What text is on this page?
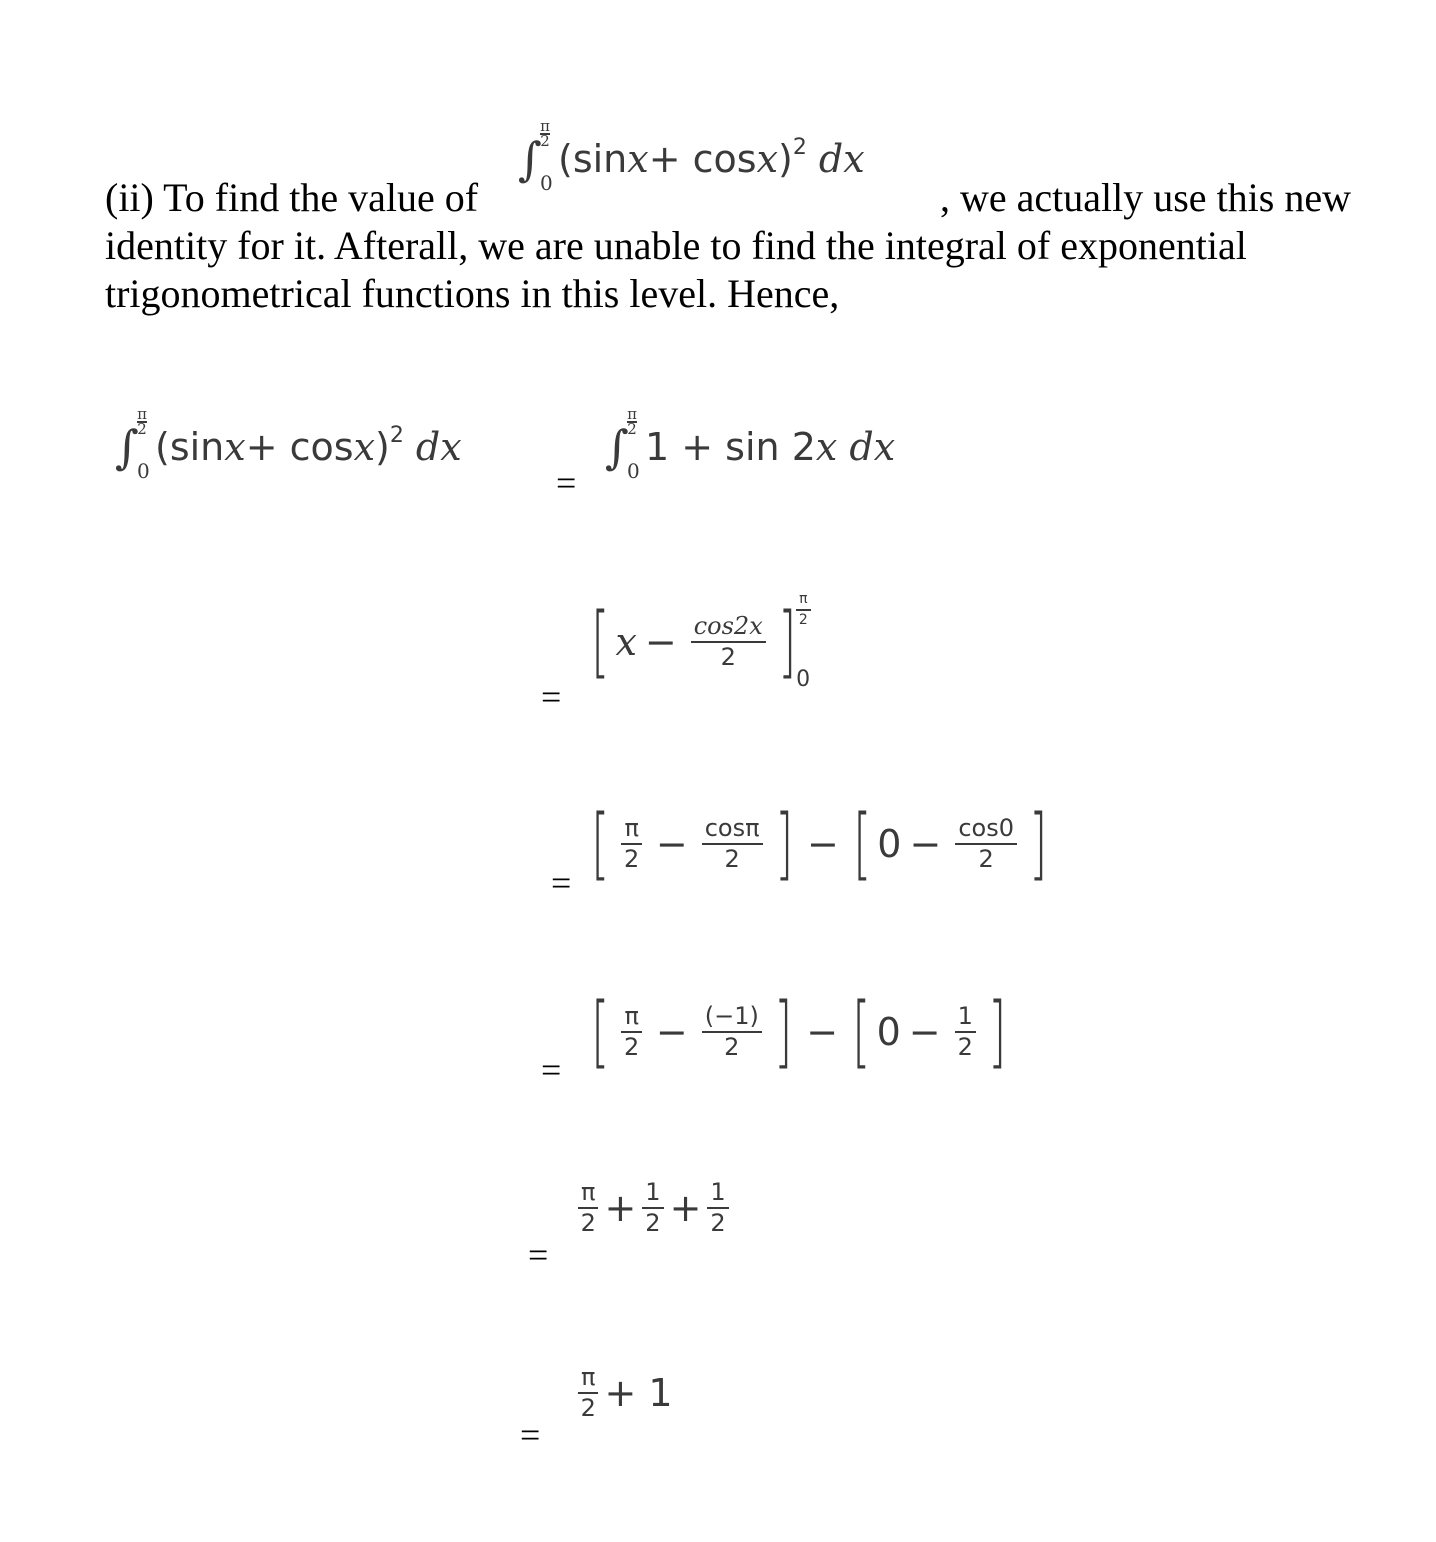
(ii) To find the value of	, we actually use this new
identity for it. Afterall, we are unable to find the integral of exponential
trigonometrical functions in this level. Hence,
∫
π
2
0
(sin x + cos x ) 2
dx
∫
π
2
0
(sin x + cos x ) 2
dx
=
∫
π
2
0
1 + sin 2 x
dx
=
[ $x - \frac{\cos 2x}{2}$ ] $\frac{\pi}{2}$
0
= [ $\frac{\pi}{2} - \frac{\cos\pi}{2}$ ] − [ $0 - \frac{\cos 0}{2}$ ]
= [ $\frac{\pi}{2} - \frac{(-1)}{2}$ ] − [ $0 - \frac{1}{2}$ ]
=
$\frac{\pi}{2} + \frac{1}{2} + \frac{1}{2}$
=
$\frac{\pi}{2}$ +
1
